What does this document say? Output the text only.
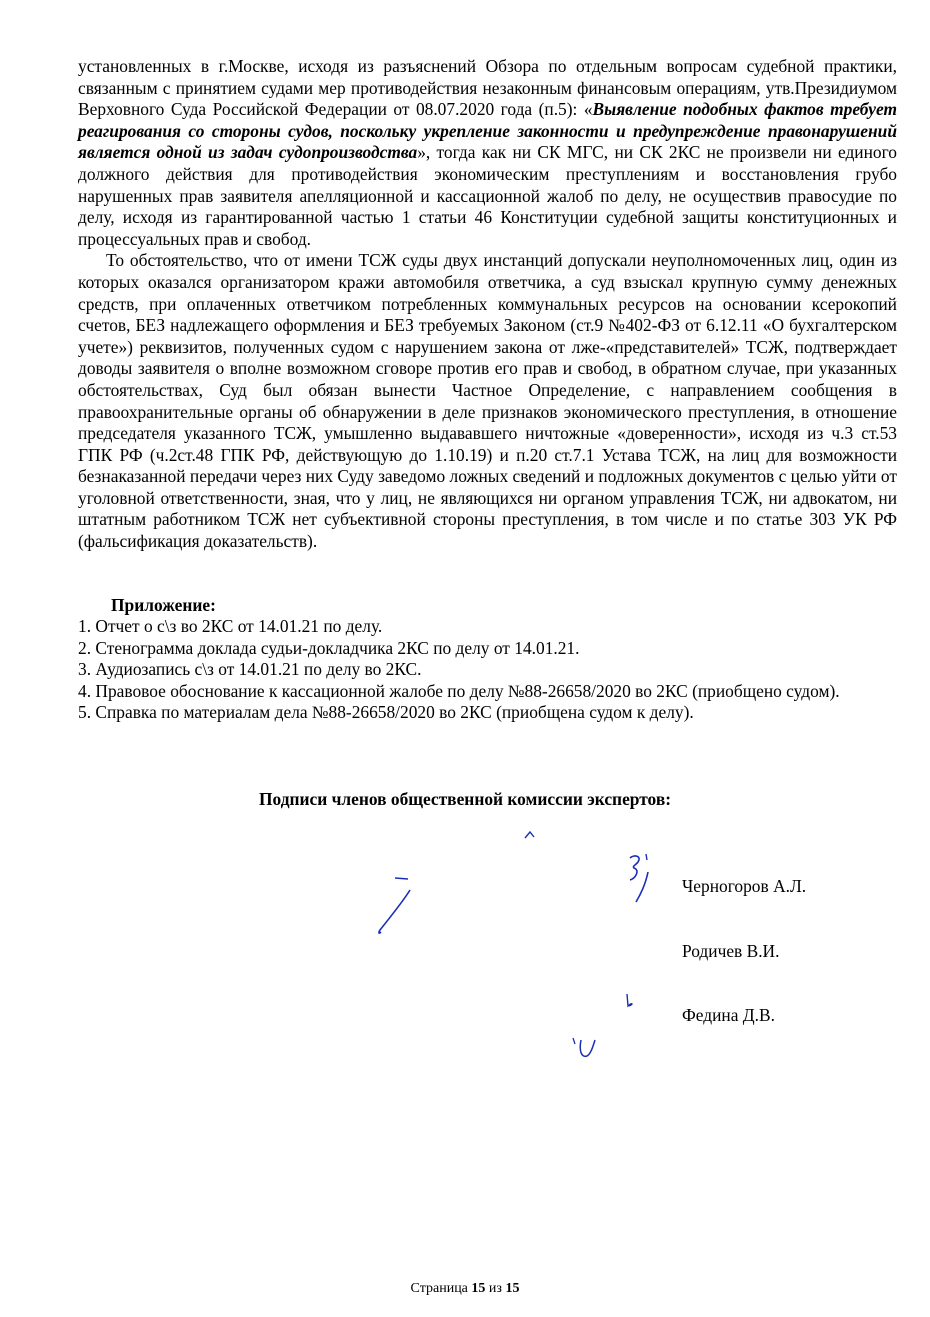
установленных в г.Москве, исходя из разъяснений Обзора по отдельным вопросам судебной практики, связанным с принятием судами мер противодействия незаконным финансовым операциям, утв.Президиумом Верховного Суда Российской Федерации от 08.07.2020 года (п.5): «Выявление подобных фактов требует реагирования со стороны судов, поскольку укрепление законности и предупреждение правонарушений является одной из задач судопроизводства», тогда как ни СК МГС, ни СК 2КС не произвели ни единого должного действия для противодействия экономическим преступлениям и восстановления грубо нарушенных прав заявителя апелляционной и кассационной жалоб по делу, не осуществив правосудие по делу, исходя из гарантированной частью 1 статьи 46 Конституции судебной защиты конституционных и процессуальных прав и свобод.

То обстоятельство, что от имени ТСЖ суды двух инстанций допускали неуполномоченных лиц, один из которых оказался организатором кражи автомобиля ответчика, а суд взыскал крупную сумму денежных средств, при оплаченных ответчиком потребленных коммунальных ресурсов на основании ксерокопий счетов, БЕЗ надлежащего оформления и БЕЗ требуемых Законом (ст.9 №402-ФЗ от 6.12.11 «О бухгалтерском учете») реквизитов, полученных судом с нарушением закона от лже-«представителей» ТСЖ, подтверждает доводы заявителя о вполне возможном сговоре против его прав и свобод, в обратном случае, при указанных обстоятельствах, Суд был обязан вынести Частное Определение, с направлением сообщения в правоохранительные органы об обнаружении в деле признаков экономического преступления, в отношение председателя указанного ТСЖ, умышленно выдававшего ничтожные «доверенности», исходя из ч.3 ст.53 ГПК РФ (ч.2ст.48 ГПК РФ, действующую до 1.10.19) и п.20 ст.7.1 Устава ТСЖ, на лиц для возможности безнаказанной передачи через них Суду заведомо ложных сведений и подложных документов с целью уйти от уголовной ответственности, зная, что у лиц, не являющихся ни органом управления ТСЖ, ни адвокатом, ни штатным работником ТСЖ нет субъективной стороны преступления, в том числе и по статье 303 УК РФ (фальсификация доказательств).

Приложение:
1. Отчет о с\з во 2КС от 14.01.21 по делу.
2. Стенограмма доклада судьи-докладчика 2КС по делу от 14.01.21.
3. Аудиозапись с\з от 14.01.21 по делу во 2КС.
4. Правовое обоснование к кассационной жалобе по делу №88-26658/2020 во 2КС (приобщено судом).
5. Справка по материалам дела №88-26658/2020 во 2КС (приобщена судом к делу).
Подписи членов общественной комиссии экспертов:
Черногоров А.Л.
Родичев В.И.
Федина Д.В.
Страница 15 из 15
